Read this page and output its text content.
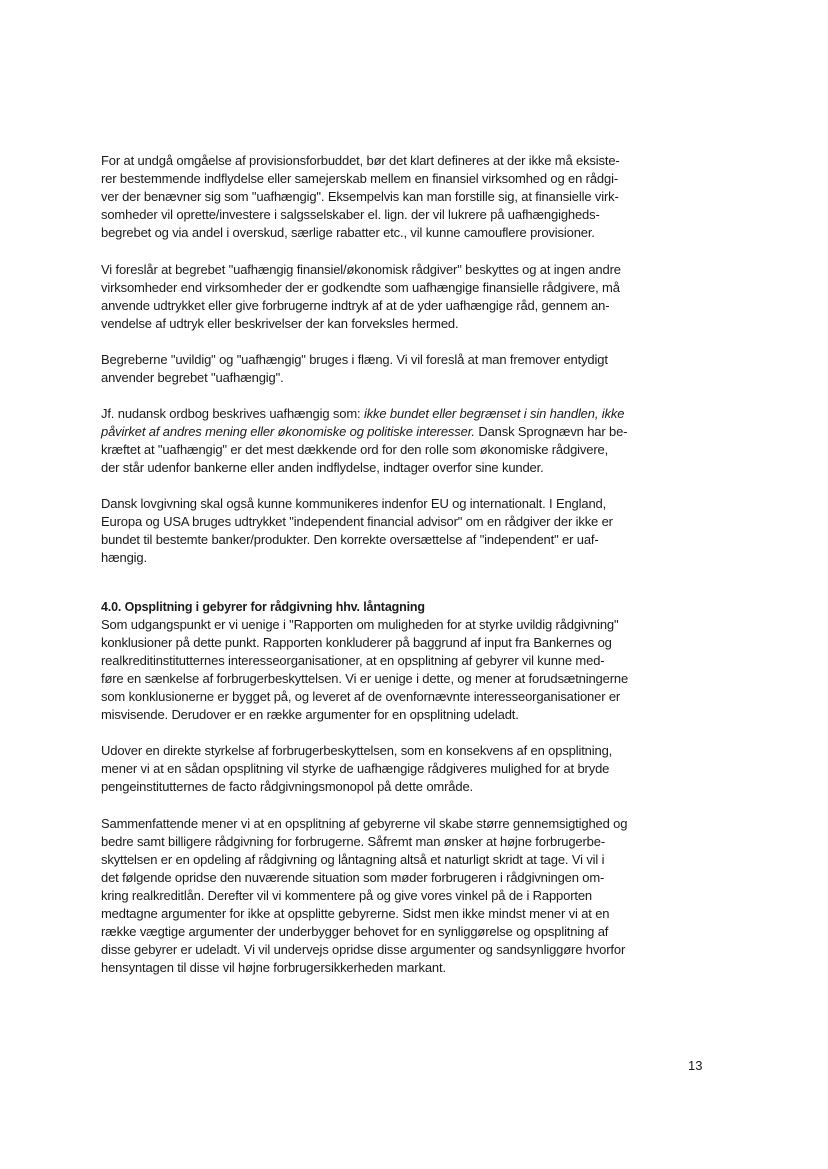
For at undgå omgåelse af provisionsforbuddet, bør det klart defineres at der ikke må eksiste-
rer bestemmende indflydelse eller samejerskab mellem en finansiel virksomhed og en rådgi-
ver der benævner sig som "uafhængig". Eksempelvis kan man forstille sig, at finansielle virk-
somheder vil oprette/investere i salgsselskaber el. lign. der vil lukrere på uafhængigheds-
begrebet og via andel i overskud, særlige rabatter etc., vil kunne camouflere provisioner.
Vi foreslår at begrebet "uafhængig finansiel/økonomisk rådgiver" beskyttes og at ingen andre
virksomheder end virksomheder der er godkendte som uafhængige finansielle rådgivere, må
anvende udtrykket eller give forbrugerne indtryk af at de yder uafhængige råd, gennem an-
vendelse af udtryk eller beskrivelser der kan forveksles hermed.
Begreberne "uvildig" og "uafhængig" bruges i flæng. Vi vil foreslå at man fremover entydigt
anvender begrebet "uafhængig".
Jf. nudansk ordbog beskrives uafhængig som: ikke bundet eller begrænset i sin handlen, ikke
påvirket af andres mening eller økonomiske og politiske interesser. Dansk Sprognævn har be-
kræftet at "uafhængig" er det mest dækkende ord for den rolle som økonomiske rådgivere,
der står udenfor bankerne eller anden indflydelse, indtager overfor sine kunder.
Dansk lovgivning skal også kunne kommunikeres indenfor EU og internationalt. I England,
Europa og USA bruges udtrykket "independent financial advisor" om en rådgiver der ikke er
bundet til bestemte banker/produkter. Den korrekte oversættelse af "independent" er uaf-
hængig.
4.0. Opsplitning i gebyrer for rådgivning hhv. låntagning
Som udgangspunkt er vi uenige i "Rapporten om muligheden for at styrke uvildig rådgivning"
konklusioner på dette punkt. Rapporten konkluderer på baggrund af input fra Bankernes og
realkreditinstitutternes interesseorganisationer, at en opsplitning af gebyrer vil kunne med-
føre en sænkelse af forbrugerbeskyttelsen. Vi er uenige i dette, og mener at forudsætningerne
som konklusionerne er bygget på, og leveret af de ovenfornævnte interesseorganisationer er
misvisende. Derudover er en række argumenter for en opsplitning udeladt.
Udover en direkte styrkelse af forbrugerbeskyttelsen, som en konsekvens af en opsplitning,
mener vi at en sådan opsplitning vil styrke de uafhængige rådgiveres mulighed for at bryde
pengeinstitutternes de facto rådgivningsmonopol på dette område.
Sammenfattende mener vi at en opsplitning af gebyrerne vil skabe større gennemsigtighed og
bedre samt billigere rådgivning for forbrugerne. Såfremt man ønsker at højne forbrugerbe-
skyttelsen er en opdeling af rådgivning og låntagning altså et naturligt skridt at tage. Vi vil i
det følgende opridse den nuværende situation som møder forbrugeren i rådgivningen om-
kring realkreditlån. Derefter vil vi kommentere på og give vores vinkel på de i Rapporten
medtagne argumenter for ikke at opsplitte gebyrerne. Sidst men ikke mindst mener vi at en
række vægtige argumenter der underbygger behovet for en synliggørelse og opsplitning af
disse gebyrer er udeladt. Vi vil undervejs opridse disse argumenter og sandsynliggøre hvorfor
hensyntagen til disse vil højne forbrugersikkerheden markant.
13
